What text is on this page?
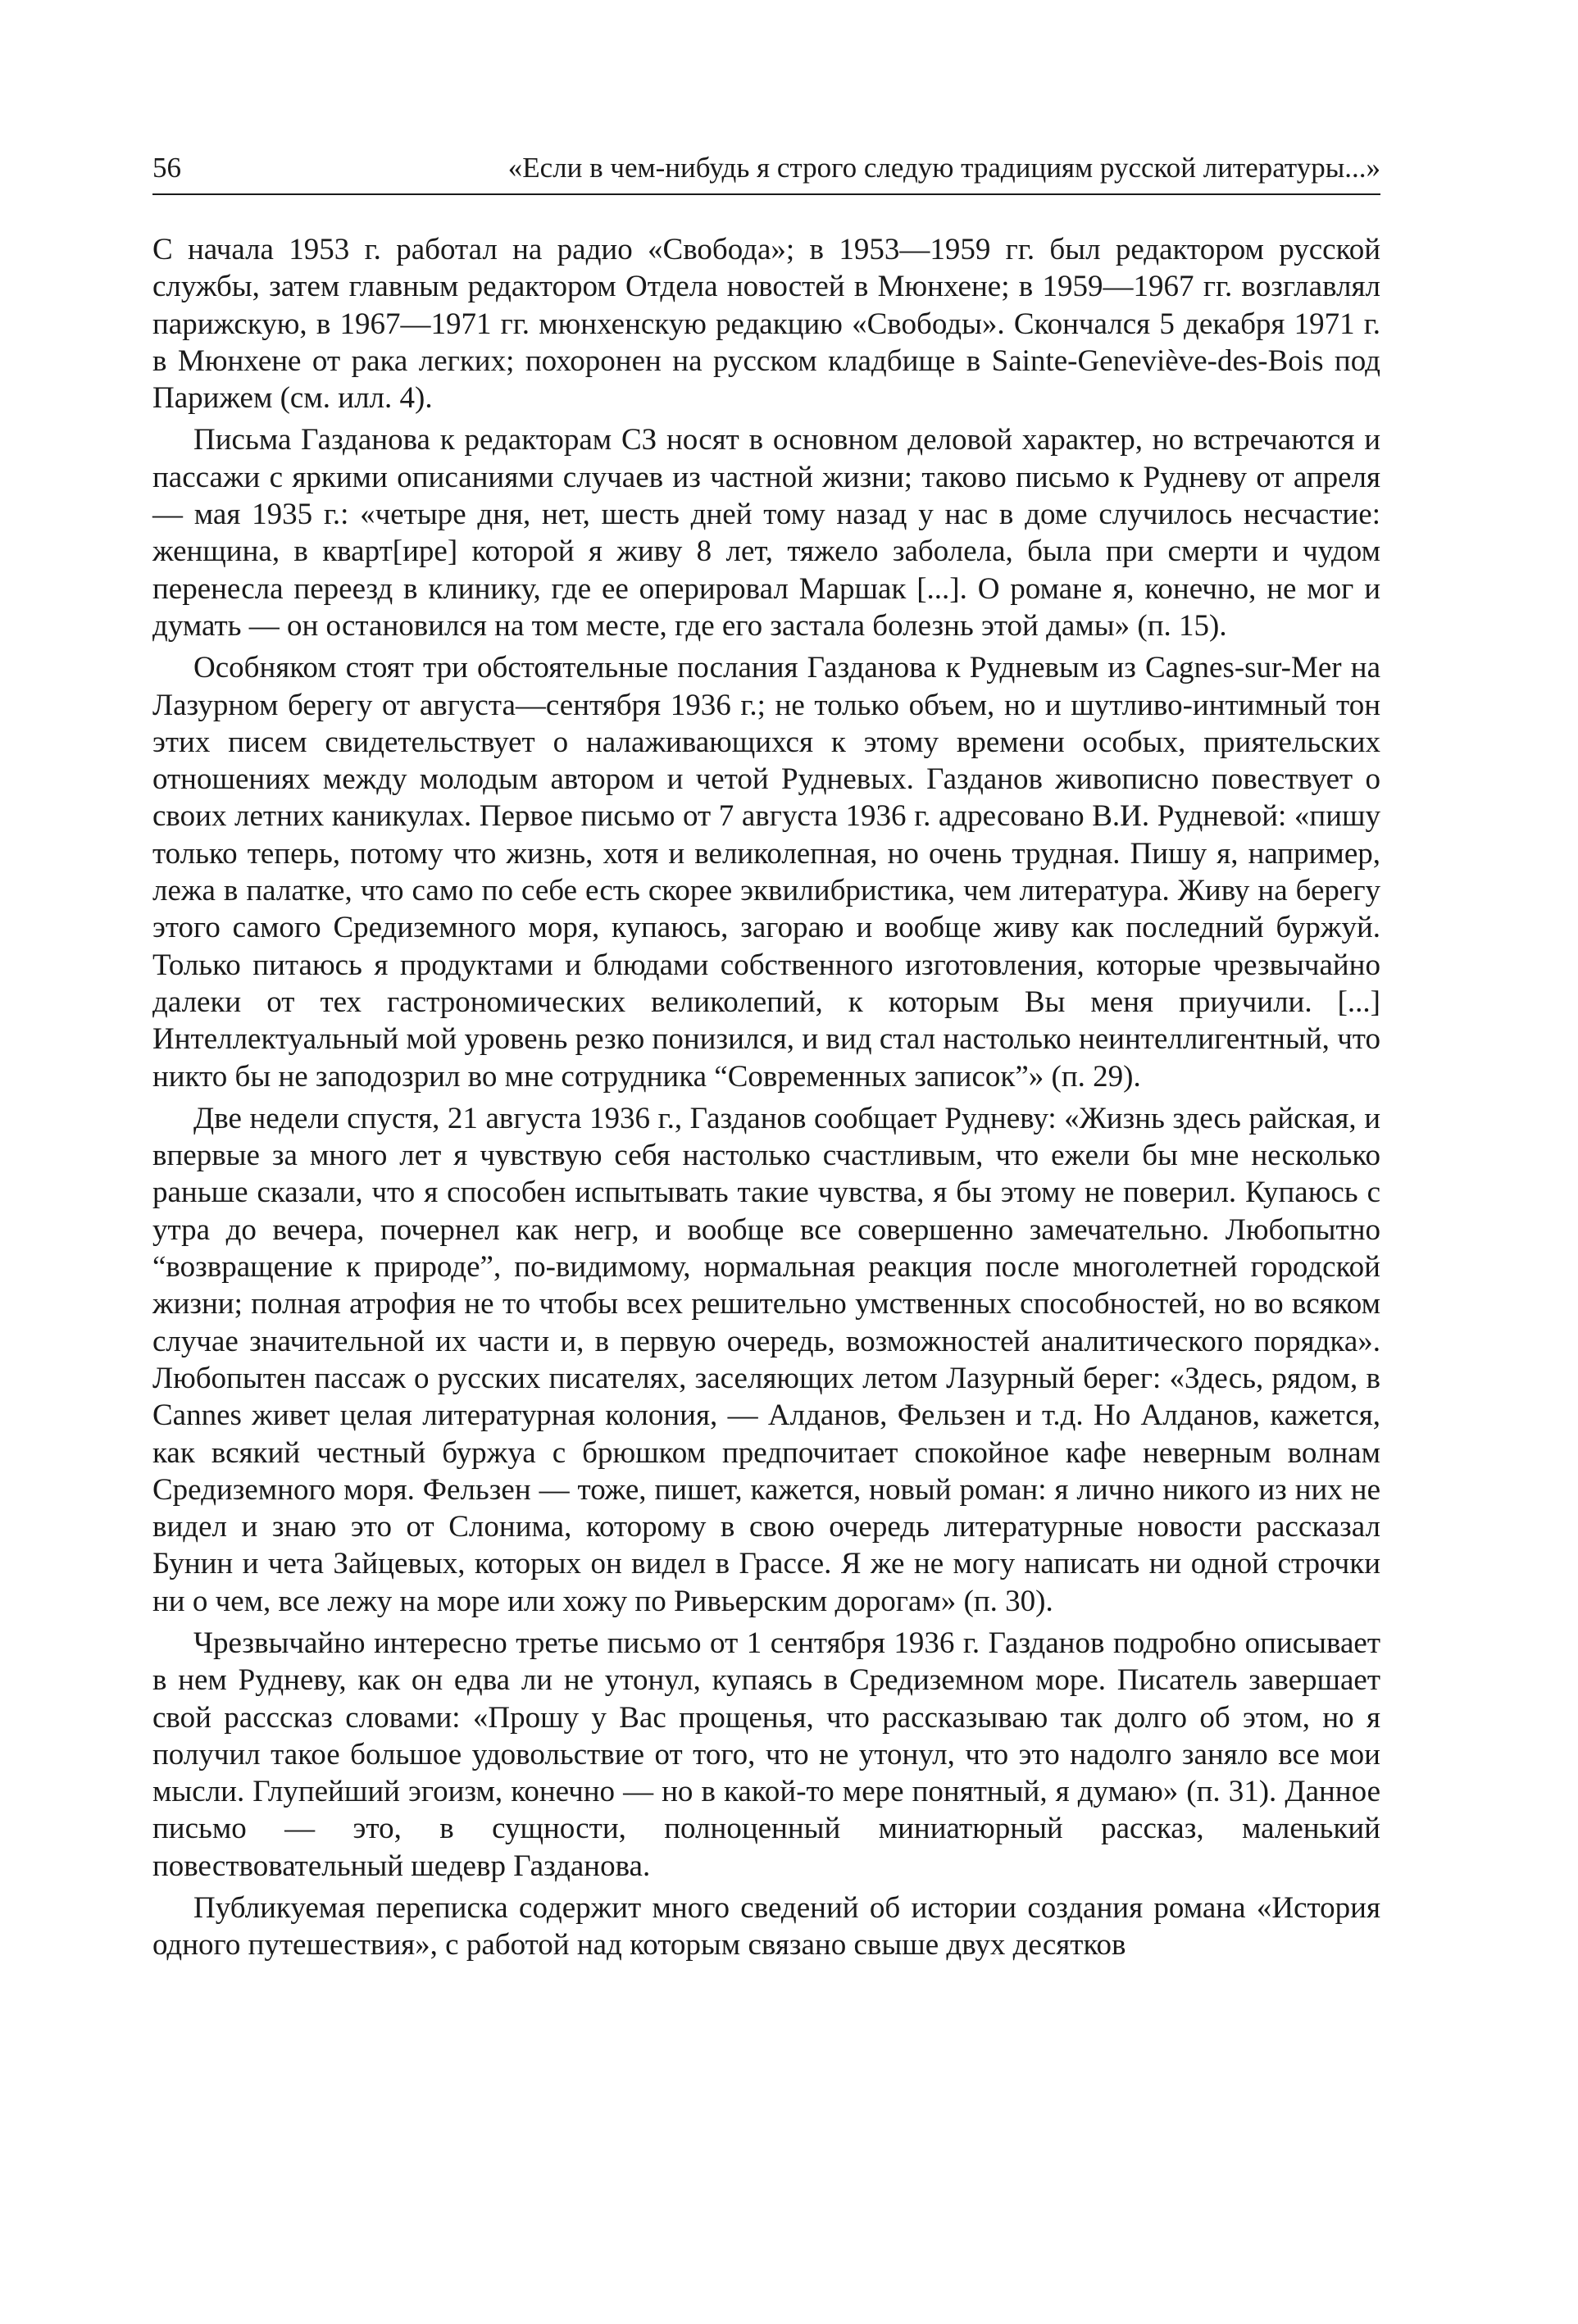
56	«Если в чем-нибудь я строго следую традициям русской литературы...»

С начала 1953 г. работал на радио «Свобода»; в 1953—1959 гг. был редактором русской службы, затем главным редактором Отдела новостей в Мюнхене; в 1959—1967 гг. возглавлял парижскую, в 1967—1971 гг. мюнхенскую редакцию «Свободы». Скончался 5 декабря 1971 г. в Мюнхене от рака легких; похоронен на русском кладбище в Sainte-Geneviève-des-Bois под Парижем (см. илл. 4).

Письма Газданова к редакторам СЗ носят в основном деловой характер, но встречаются и пассажи с яркими описаниями случаев из частной жизни; таково письмо к Рудневу от апреля — мая 1935 г.: «четыре дня, нет, шесть дней тому назад у нас в доме случилось несчастие: женщина, в кварт[ире] которой я живу 8 лет, тяжело заболела, была при смерти и чудом перенесла переезд в клинику, где ее оперировал Маршак [...]. О романе я, конечно, не мог и думать — он остановился на том месте, где его застала болезнь этой дамы» (п. 15).

Особняком стоят три обстоятельные послания Газданова к Рудневым из Cagnes-sur-Mer на Лазурном берегу от августа—сентября 1936 г.; не только объем, но и шутливо-интимный тон этих писем свидетельствует о налаживающихся к этому времени особых, приятельских отношениях между молодым автором и четой Рудневых. Газданов живописно повествует о своих летних каникулах. Первое письмо от 7 августа 1936 г. адресовано В.И. Рудневой: «пишу только теперь, потому что жизнь, хотя и великолепная, но очень трудная. Пишу я, например, лежа в палатке, что само по себе есть скорее эквилибристика, чем литература. Живу на берегу этого самого Средиземного моря, купаюсь, загораю и вообще живу как последний буржуй. Только питаюсь я продуктами и блюдами собственного изготовления, которые чрезвычайно далеки от тех гастрономических великолепий, к которым Вы меня приучили. [...] Интеллектуальный мой уровень резко понизился, и вид стал настолько неинтеллигентный, что никто бы не заподозрил во мне сотрудника “Современных записок”» (п. 29).

Две недели спустя, 21 августа 1936 г., Газданов сообщает Рудневу: «Жизнь здесь райская, и впервые за много лет я чувствую себя настолько счастливым, что ежели бы мне несколько раньше сказали, что я способен испытывать такие чувства, я бы этому не поверил. Купаюсь с утра до вечера, почернел как негр, и вообще все совершенно замечательно. Любопытно “возвращение к природе”, по-видимому, нормальная реакция после многолетней городской жизни; полная атрофия не то чтобы всех решительно умственных способностей, но во всяком случае значительной их части и, в первую очередь, возможностей аналитического порядка». Любопытен пассаж о русских писателях, заселяющих летом Лазурный берег: «Здесь, рядом, в Cannes живет целая литературная колония, — Алданов, Фельзен и т.д. Но Алданов, кажется, как всякий честный буржуа с брюшком предпочитает спокойное кафе неверным волнам Средиземного моря. Фельзен — тоже, пишет, кажется, новый роман: я лично никого из них не видел и знаю это от Слонима, которому в свою очередь литературные новости рассказал Бунин и чета Зайцевых, которых он видел в Грассе. Я же не могу написать ни одной строчки ни о чем, все лежу на море или хожу по Ривьерским дорогам» (п. 30).

Чрезвычайно интересно третье письмо от 1 сентября 1936 г. Газданов подробно описывает в нем Рудневу, как он едва ли не утонул, купаясь в Средиземном море. Писатель завершает свой расссказ словами: «Прошу у Вас прощенья, что рассказываю так долго об этом, но я получил такое большое удовольствие от того, что не утонул, что это надолго заняло все мои мысли. Глупейший эгоизм, конечно — но в какой-то мере понятный, я думаю» (п. 31). Данное письмо — это, в сущности, полноценный миниатюрный рассказ, маленький повествовательный шедевр Газданова.

Публикуемая переписка содержит много сведений об истории создания романа «История одного путешествия», с работой над которым связано свыше двух десятков
